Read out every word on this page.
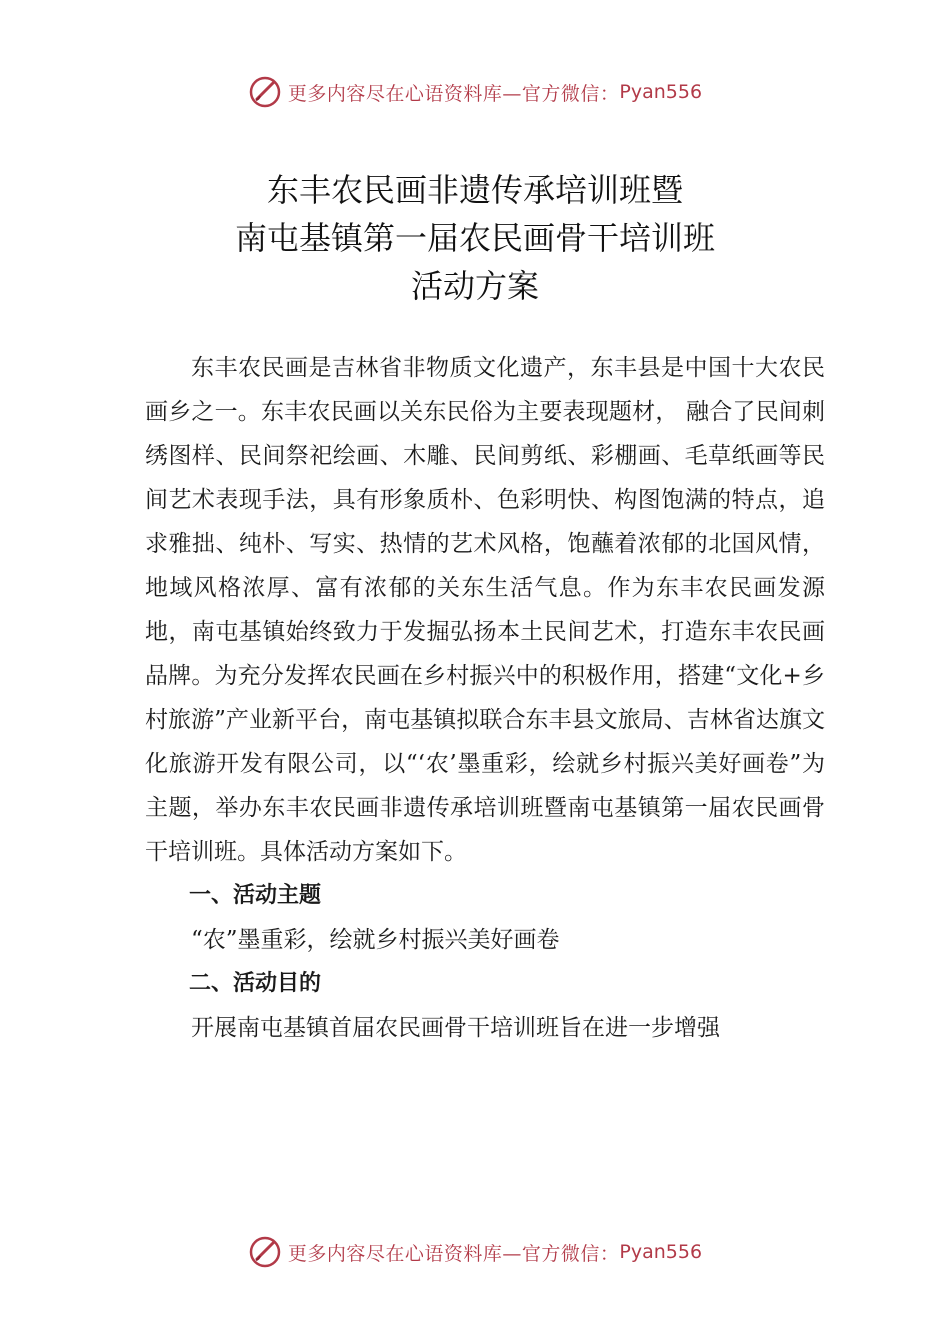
更多内容尽在心语资料库—官方微信： Pyan556
东丰农民画非遗传承培训班暨
南屯基镇第一届农民画骨干培训班
活动方案

东丰农民画是吉林省非物质文化遗产，东丰县是中国十大农民画乡之一。东丰农民画以关东民俗为主要表现题材， 融合了民间刺绣图样、民间祭祀绘画、木雕、民间剪纸、彩棚画、毛草纸画等民间艺术表现手法，具有形象质朴、色彩明快、构图饱满的特点，追求雅拙、纯朴、写实、热情的艺术风格，饱蘸着浓郁的北国风情，地域风格浓厚、富有浓郁的关东生活气息。作为东丰农民画发源地，南屯基镇始终致力于发掘弘扬本土民间艺术，打造东丰农民画品牌。为充分发挥农民画在乡村振兴中的积极作用，搭建“文化+乡村旅游”产业新平台，南屯基镇拟联合东丰县文旅局、吉林省达旗文化旅游开发有限公司，以“‘农’墨重彩，绘就乡村振兴美好画卷”为主题，举办东丰农民画非遗传承培训班暨南屯基镇第一届农民画骨干培训班。具体活动方案如下。

一、活动主题

“农”墨重彩，绘就乡村振兴美好画卷

二、活动目的

开展南屯基镇首届农民画骨干培训班旨在进一步增强

更多内容尽在心语资料库—官方微信： Pyan556
